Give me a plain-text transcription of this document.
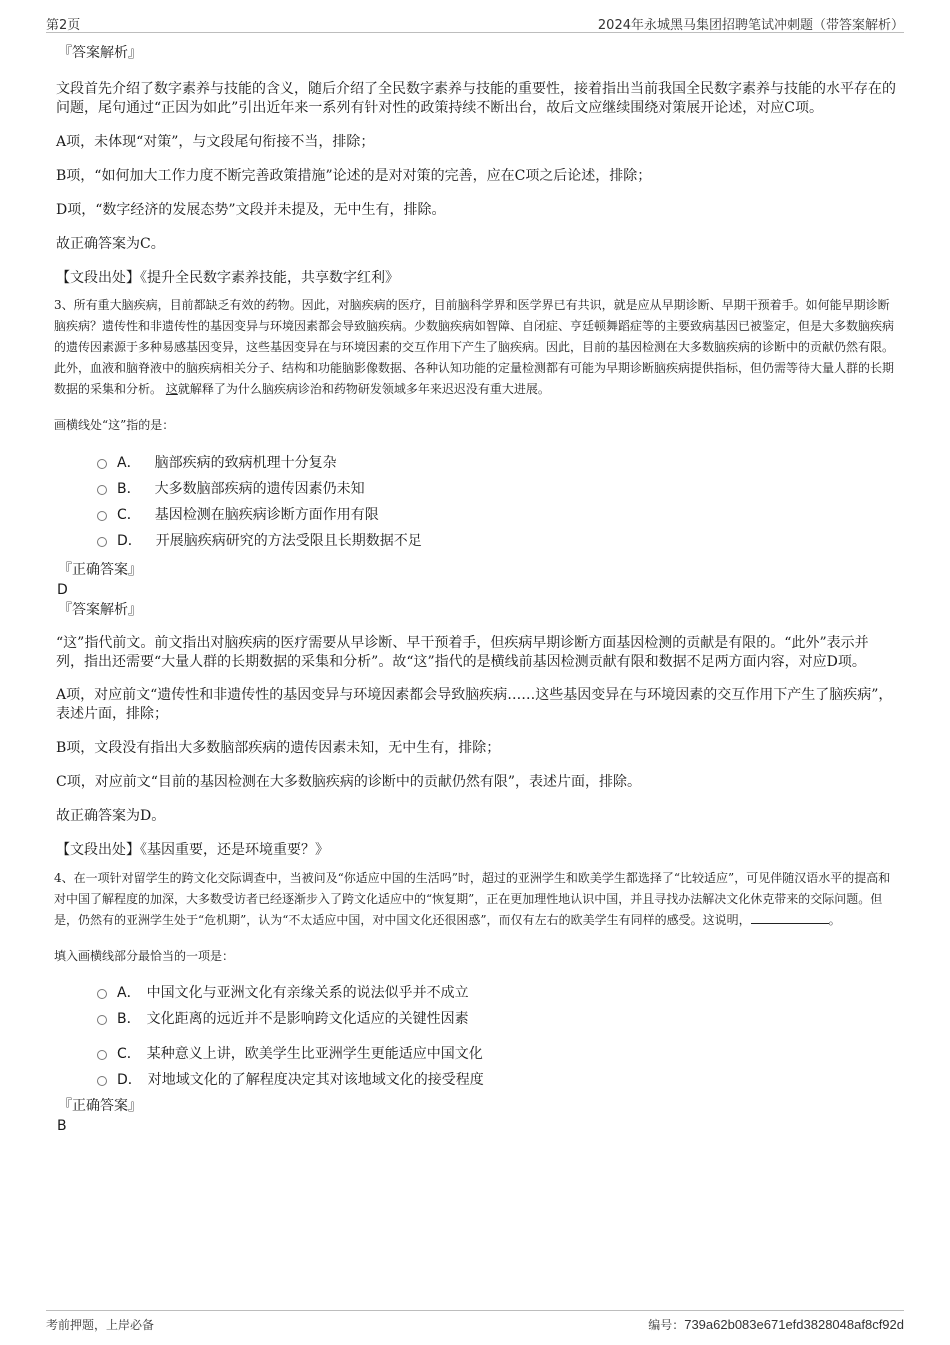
第2页	2024年永城黑马集团招聘笔试冲刺题（带答案解析）

『答案解析』

文段首先介绍了数字素养与技能的含义，随后介绍了全民数字素养与技能的重要性，接着指出当前我国全民数字素养与技能的水平存在的问题，尾句通过“正因为如此”引出近年来一系列有针对性的政策持续不断出台，故后文应继续围绕对策展开论述，对应C项。

A项，未体现“对策”，与文段尾句衔接不当，排除；

B项，“如何加大工作力度不断完善政策措施”论述的是对对策的完善，应在C项之后论述，排除；

D项，“数字经济的发展态势”文段并未提及，无中生有，排除。

故正确答案为C。

【文段出处】《提升全民数字素养技能，共享数字红利》

3、所有重大脑疾病，目前都缺乏有效的药物。因此，对脑疾病的医疗，目前脑科学界和医学界已有共识，就是应从早期诊断、早期干预着手。如何能早期诊断脑疾病？遗传性和非遗传性的基因变异与环境因素都会导致脑疾病。少数脑疾病如智障、自闭症、亨廷顿舞蹈症等的主要致病基因已被鉴定，但是大多数脑疾病的遗传因素源于多种易感基因变异，这些基因变异在与环境因素的交互作用下产生了脑疾病。因此，目前的基因检测在大多数脑疾病的诊断中的贡献仍然有限。此外，血液和脑脊液中的脑疾病相关分子、结构和功能脑影像数据、各种认知功能的定量检测都有可能为早期诊断脑疾病提供指标，但仍需等待大量人群的长期数据的采集和分析。 这就解释了为什么脑疾病诊治和药物研发领域多年来迟迟没有重大进展。

画横线处“这”指的是：

A． 脑部疾病的致病机理十分复杂
B． 大多数脑部疾病的遗传因素仍未知
C． 基因检测在脑疾病诊断方面作用有限
D． 开展脑疾病研究的方法受限且长期数据不足

『正确答案』

D

『答案解析』

“这”指代前文。前文指出对脑疾病的医疗需要从早诊断、早干预着手，但疾病早期诊断方面基因检测的贡献是有限的。“此外”表示并列，指出还需要“大量人群的长期数据的采集和分析”。故“这”指代的是横线前基因检测贡献有限和数据不足两方面内容，对应D项。

A项，对应前文“遗传性和非遗传性的基因变异与环境因素都会导致脑疾病……这些基因变异在与环境因素的交互作用下产生了脑疾病”，表述片面，排除；

B项，文段没有指出大多数脑部疾病的遗传因素未知，无中生有，排除；

C项，对应前文“目前的基因检测在大多数脑疾病的诊断中的贡献仍然有限”，表述片面，排除。

故正确答案为D。

【文段出处】《基因重要，还是环境重要？》

4、在一项针对留学生的跨文化交际调查中，当被问及“你适应中国的生活吗”时，超过的亚洲学生和欧美学生都选择了“比较适应”，可见伴随汉语水平的提高和对中国了解程度的加深，大多数受访者已经逐渐步入了跨文化适应中的“恢复期”，正在更加理性地认识中国，并且寻找办法解决文化休克带来的交际问题。但是，仍然有的亚洲学生处于“危机期”，认为“不太适应中国，对中国文化还很困惑”，而仅有左右的欧美学生有同样的感受。这说明，	。

填入画横线部分最恰当的一项是：

A． 中国文化与亚洲文化有亲缘关系的说法似乎并不成立
B． 文化距离的远近并不是影响跨文化适应的关键性因素
C． 某种意义上讲，欧美学生比亚洲学生更能适应中国文化
D． 对地域文化的了解程度决定其对该地域文化的接受程度

『正确答案』

B

考前押题，上岸必备	编号：739a62b083e671efd3828048af8cf92d
